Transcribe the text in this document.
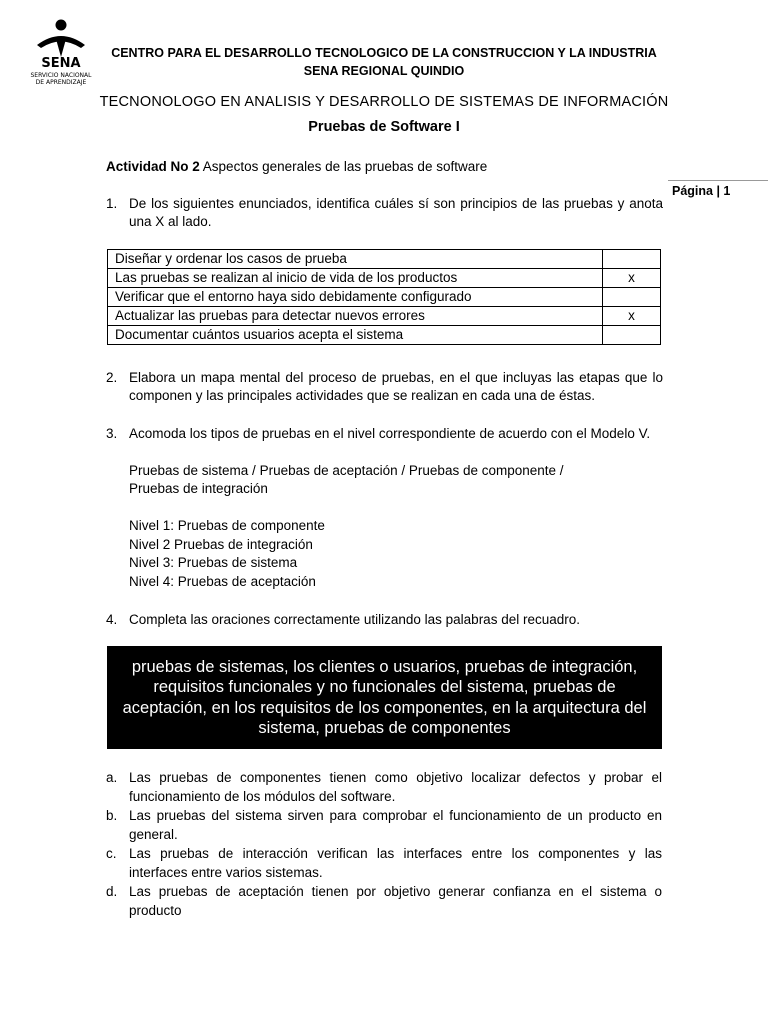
SENA
SERVICIO NACIONAL
DE APRENDIZAJE
CENTRO PARA EL DESARROLLO TECNOLOGICO DE LA CONSTRUCCION Y LA INDUSTRIA
SENA REGIONAL QUINDIO
TECNONOLOGO EN ANALISIS Y DESARROLLO DE SISTEMAS DE INFORMACIÓN
Pruebas de Software I
Página | 1
Actividad No 2 Aspectos generales de las pruebas de software
1. De los siguientes enunciados, identifica cuáles sí son principios de las pruebas y anota una X al lado.
Diseñar y ordenar los casos de prueba	
Las pruebas se realizan al inicio de vida de los productos	x
Verificar que el entorno haya sido debidamente configurado	
Actualizar las pruebas para detectar nuevos errores	x
Documentar cuántos usuarios acepta el sistema	
2. Elabora un mapa mental del proceso de pruebas, en el que incluyas las etapas que lo componen y las principales actividades que se realizan en cada una de éstas.
3. Acomoda los tipos de pruebas en el nivel correspondiente de acuerdo con el Modelo V.
Pruebas de sistema / Pruebas de aceptación / Pruebas de componente /
Pruebas de integración
Nivel 1: Pruebas de componente
Nivel 2 Pruebas de integración
Nivel 3: Pruebas de sistema
Nivel 4: Pruebas de aceptación
4. Completa las oraciones correctamente utilizando las palabras del recuadro.
pruebas de sistemas, los clientes o usuarios, pruebas de integración, requisitos funcionales y no funcionales del sistema, pruebas de aceptación, en los requisitos de los componentes, en la arquitectura del sistema, pruebas de componentes
a. Las pruebas de componentes tienen como objetivo localizar defectos y probar el funcionamiento de los módulos del software.
b. Las pruebas del sistema sirven para comprobar el funcionamiento de un producto en general.
c. Las pruebas de interacción verifican las interfaces entre los componentes y las interfaces entre varios sistemas.
d. Las pruebas de aceptación tienen por objetivo generar confianza en el sistema o producto
